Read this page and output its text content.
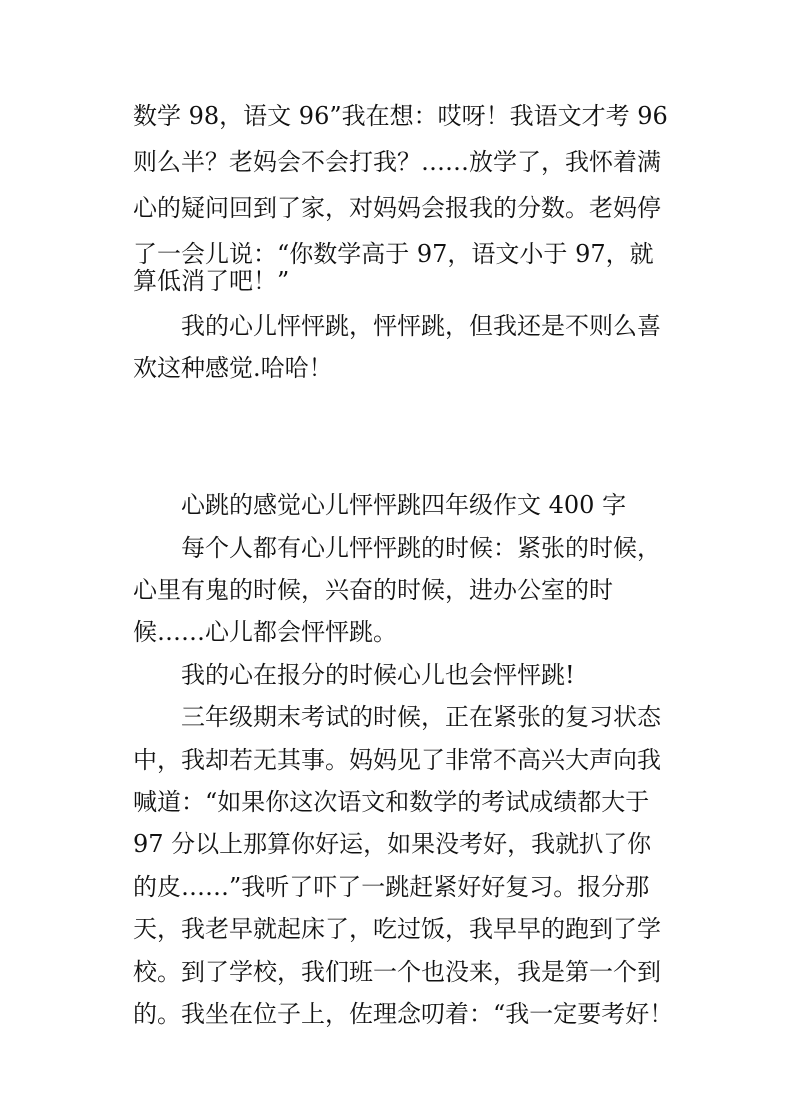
数学 98，语文 96”我在想：哎呀！我语文才考 96
则么半？老妈会不会打我？……放学了，我怀着满
心的疑问回到了家，对妈妈会报我的分数。老妈停
了一会儿说：“你数学高于 97，语文小于 97，就
算低消了吧！”
我的心儿怦怦跳，怦怦跳，但我还是不则么喜
欢这种感觉.哈哈！
心跳的感觉心儿怦怦跳四年级作文 400 字
每个人都有心儿怦怦跳的时候：紧张的时候，
心里有鬼的时候，兴奋的时候，进办公室的时
候……心儿都会怦怦跳。
我的心在报分的时候心儿也会怦怦跳!
三年级期末考试的时候，正在紧张的复习状态
中，我却若无其事。妈妈见了非常不高兴大声向我
喊道：“如果你这次语文和数学的考试成绩都大于
97 分以上那算你好运，如果没考好，我就扒了你
的皮……”我听了吓了一跳赶紧好好复习。报分那
天，我老早就起床了，吃过饭，我早早的跑到了学
校。到了学校，我们班一个也没来，我是第一个到
的。我坐在位子上，佐理念叨着：“我一定要考好！
